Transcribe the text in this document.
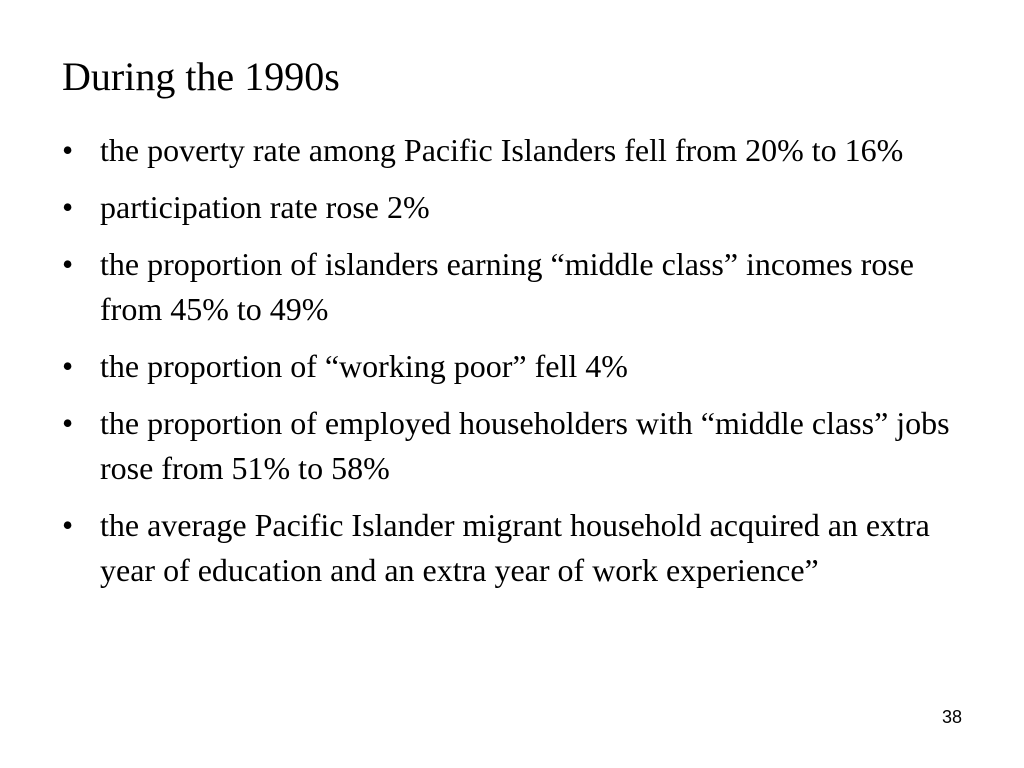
During the 1990s
• the poverty rate among Pacific Islanders fell from 20% to 16%
• participation rate rose 2%
• the proportion of islanders earning “middle class” incomes rose from 45% to 49%
• the proportion of “working poor” fell 4%
• the proportion of employed householders with “middle class” jobs rose from 51% to 58%
• the average Pacific Islander migrant household acquired an extra year of education and an extra year of work experience”
38
